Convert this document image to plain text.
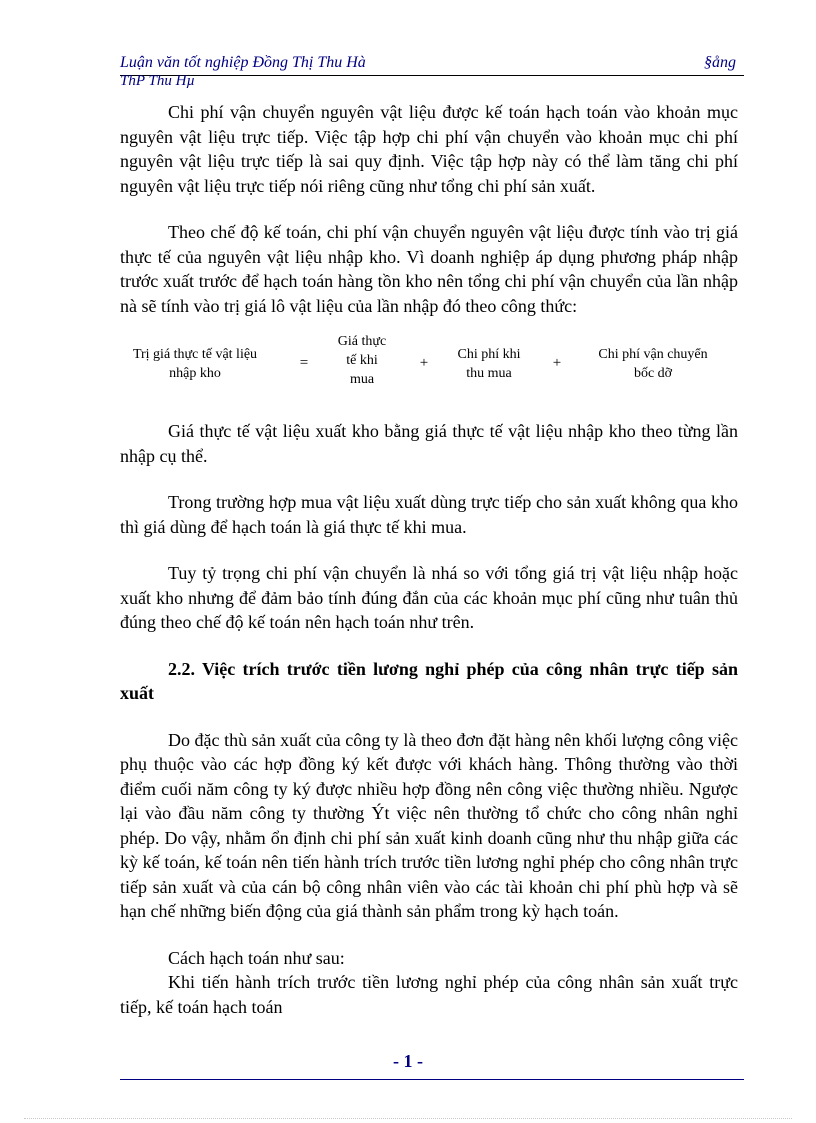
Luận văn tốt nghiệp Đồng Thị Thu Hà	§ång
ThP Thu Hµ

Chi phí vận chuyển nguyên vật liệu được kế toán hạch toán vào khoản mục nguyên vật liệu trực tiếp. Việc tập hợp chi phí vận chuyển vào khoản mục chi phí nguyên vật liệu trực tiếp là sai quy định. Việc tập hợp này có thể làm tăng chi phí nguyên vật liệu trực tiếp nói riêng cũng như tổng chi phí sản xuất.

Theo chế độ kế toán, chi phí vận chuyển nguyên vật liệu được tính vào trị giá thực tế của nguyên vật liệu nhập kho. Vì doanh nghiệp áp dụng phương pháp nhập trước xuất trước để hạch toán hàng tồn kho nên tổng chi phí vận chuyển của lần nhập nà sẽ tính vào trị giá lô vật liệu của lần nhập đó theo công thức:

Trị giá thực tế vật liệu
nhập kho
=
Giá thực
tế khi
mua
+
Chi phí khi
thu mua
+
Chi phí vận chuyển
bốc dỡ

Giá thực tế vật liệu xuất kho bằng giá thực tế vật liệu nhập kho theo từng lần nhập cụ thể.

Trong trường hợp mua vật liệu xuất dùng trực tiếp cho sản xuất không qua kho thì giá dùng để hạch toán là giá thực tế khi mua.

Tuy tỷ trọng chi phí vận chuyển là nhá so với tổng giá trị vật liệu nhập hoặc xuất kho nhưng để đảm bảo tính đúng đắn của các khoản mục phí cũng như tuân thủ đúng theo chế độ kế toán nên hạch toán như trên.

2.2. Việc trích trước tiền lương nghỉ phép của công nhân trực tiếp sản xuất

Do đặc thù sản xuất của công ty là theo đơn đặt hàng nên khối lượng công việc phụ thuộc vào các hợp đồng ký kết được với khách hàng. Thông thường vào thời điểm cuối năm công ty ký được nhiều hợp đồng nên công việc thường nhiều. Ngược lại vào đầu năm công ty thường Ýt việc nên thường tổ chức cho công nhân nghỉ phép. Do vậy, nhằm ổn định chi phí sản xuất kinh doanh cũng như thu nhập giữa các kỳ kế toán, kế toán nên tiến hành trích trước tiền lương nghỉ phép cho công nhân trực tiếp sản xuất và của cán bộ công nhân viên vào các tài khoản chi phí phù hợp và sẽ hạn chế những biến động của giá thành sản phẩm trong kỳ hạch toán.

Cách hạch toán như sau:

Khi tiến hành trích trước tiền lương nghỉ phép của công nhân sản xuất trực tiếp, kế toán hạch toán

- 1 -
